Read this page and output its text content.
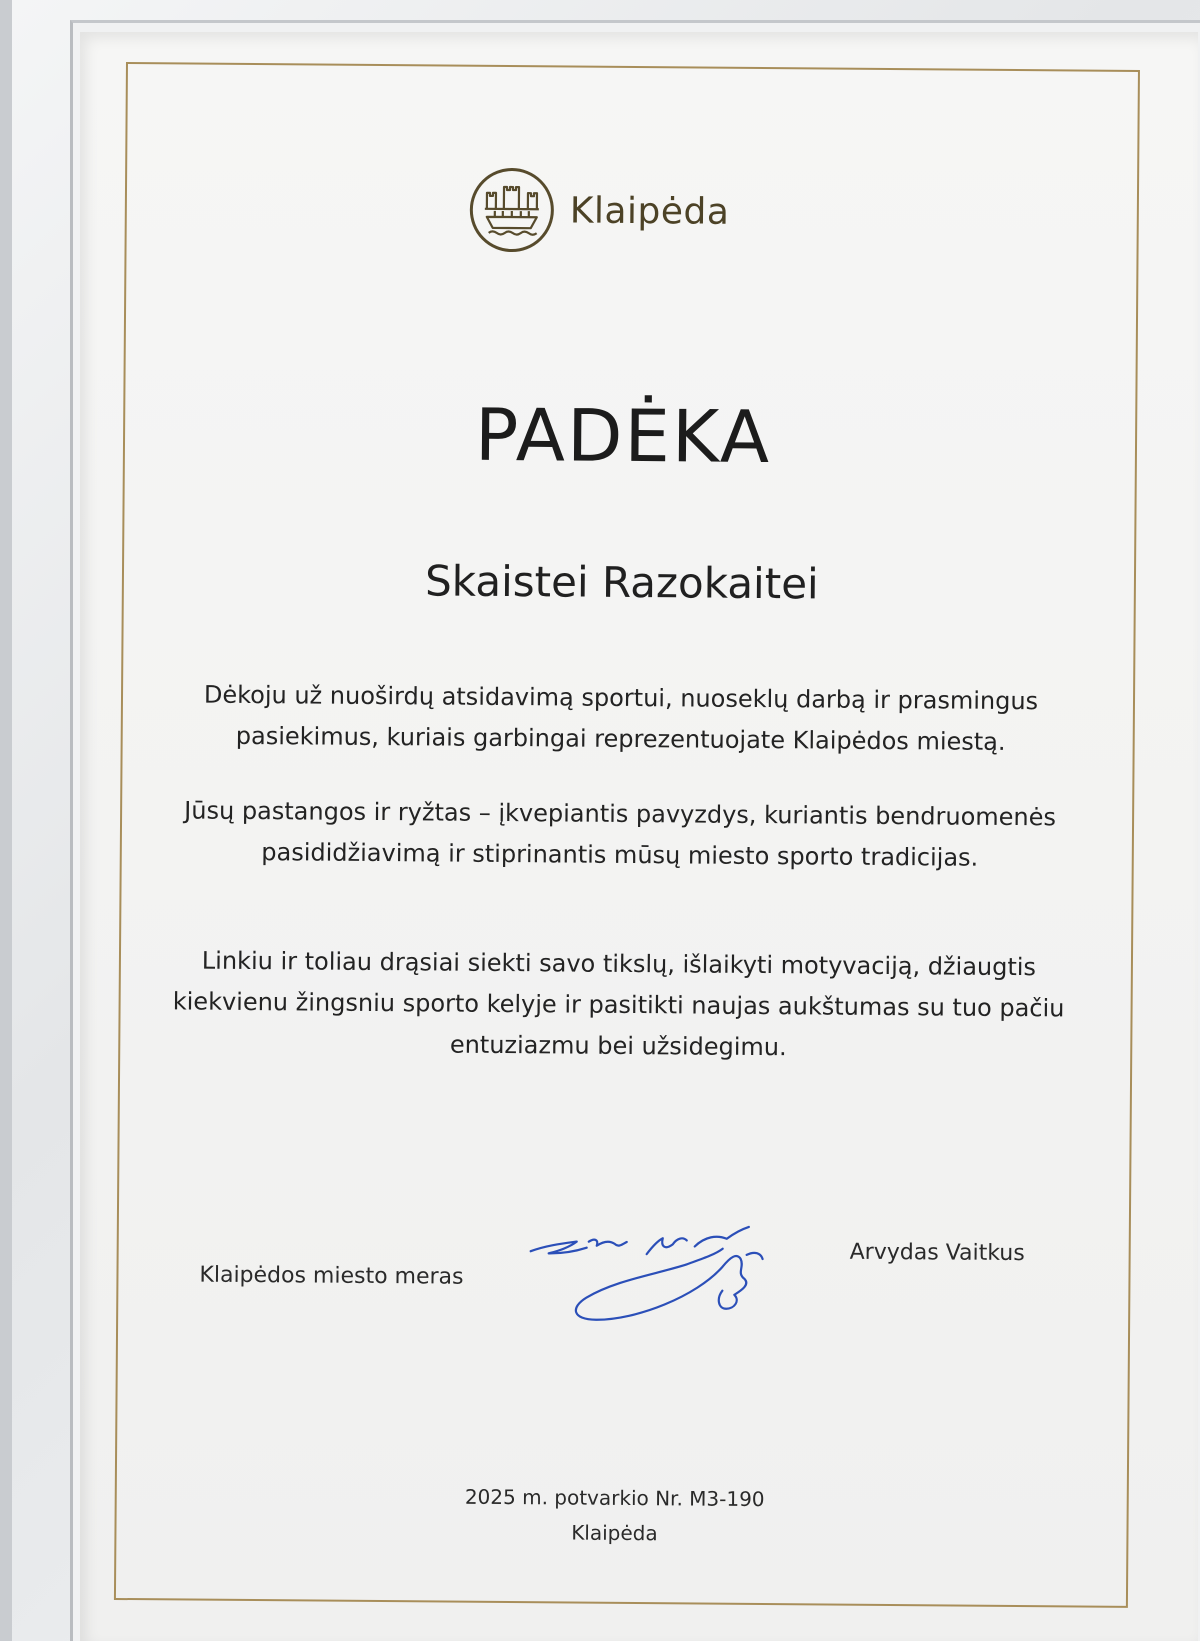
Klaipėda
PADĖKA
Skaistei Razokaitei
Dėkoju už nuoširdų atsidavimą sportui, nuoseklų darbą ir prasmingus pasiekimus, kuriais garbingai reprezentuojate Klaipėdos miestą.
Jūsų pastangos ir ryžtas – įkvepiantis pavyzdys, kuriantis bendruomenės pasididžiavimą ir stiprinantis mūsų miesto sporto tradicijas.
Linkiu ir toliau drąsiai siekti savo tikslų, išlaikyti motyvaciją, džiaugtis kiekvienu žingsniu sporto kelyje ir pasitikti naujas aukštumas su tuo pačiu entuziazmu bei užsidegimu.
Klaipėdos miesto meras
Arvydas Vaitkus
2025 m. potvarkio Nr. M3-190
Klaipėda
